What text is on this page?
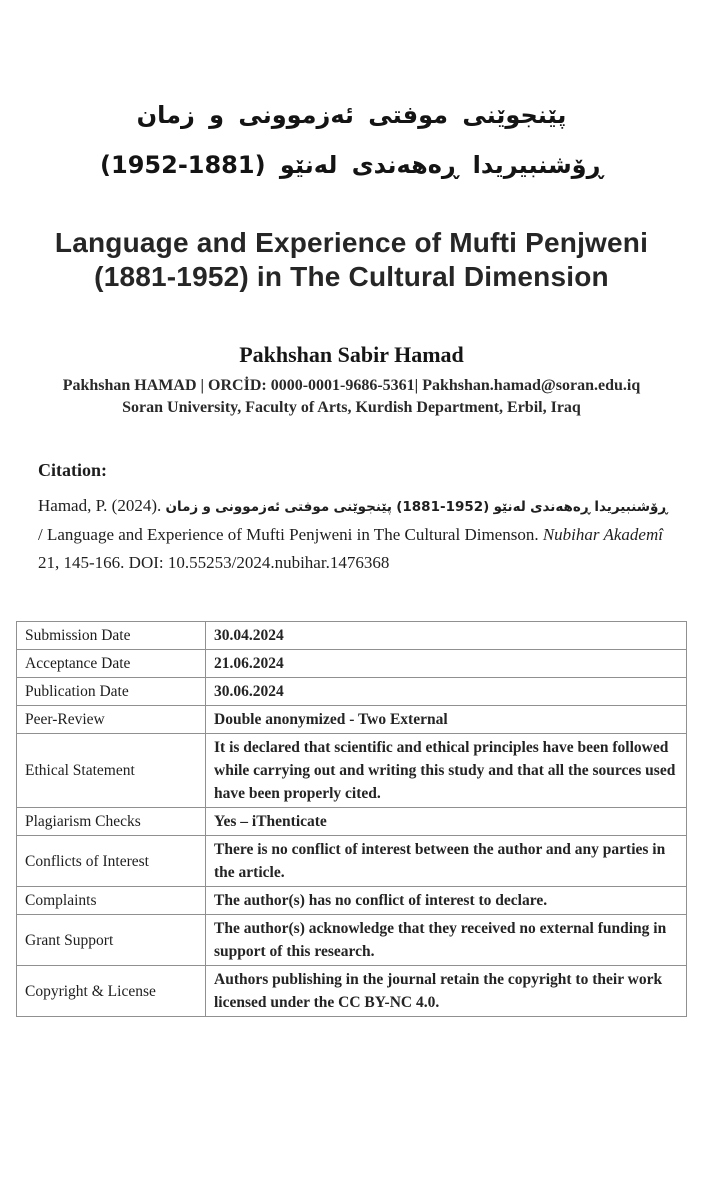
زمان و ئەزموونی موفتی پێنجوێنی
(1952-1881) لەنێو ڕەهەندی ڕۆشنبیریدا
Language and Experience of Mufti Penjweni
(1881-1952) in The Cultural Dimension
Pakhshan Sabir Hamad
Pakhshan HAMAD | ORCİD: 0000-0001-9686-5361| Pakhshan.hamad@soran.edu.iq
Soran University, Faculty of Arts, Kurdish Department, Erbil, Iraq
Citation:

Hamad, P. (2024). زمان و ئەزموونی موفتی پێنجوێنی (1881-1952) لەنێو ڕەهەندی ڕۆشنبیریدا / Language and Experience of Mufti Penjweni in The Cultural Dimenson. Nubihar Akademî 21, 145-166. DOI: 10.55253/2024.nubihar.1476368

Submission Date	30.04.2024
Acceptance Date	21.06.2024
Publication Date	30.06.2024
Peer-Review	Double anonymized - Two External
Ethical Statement	It is declared that scientific and ethical principles have been followed while carrying out and writing this study and that all the sources used have been properly cited.
Plagiarism Checks	Yes – iThenticate
Conflicts of Interest	There is no conflict of interest between the author and any parties in the article.
Complaints	The author(s) has no conflict of interest to declare.
Grant Support	The author(s) acknowledge that they received no external funding in support of this research.
Copyright & License	Authors publishing in the journal retain the copyright to their work licensed under the CC BY-NC 4.0.
